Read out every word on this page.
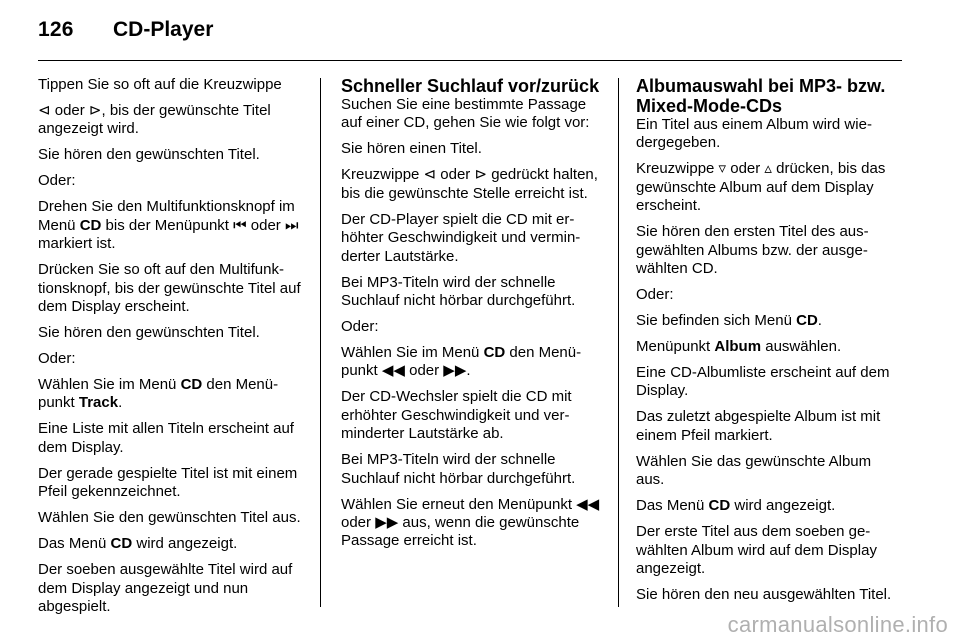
126 CD-Player

Tippen Sie so oft auf die Kreuzwippe

⊲ oder ⊳, bis der gewünschte Titel angezeigt wird.

Sie hören den gewünschten Titel.

Oder:

Drehen Sie den Multifunktionsknopf im Menü CD bis der Menüpunkt ⏮ oder ⏭ markiert ist.

Drücken Sie so oft auf den Multifunktionsknopf, bis der gewünschte Titel auf dem Display erscheint.

Sie hören den gewünschten Titel.

Oder:

Wählen Sie im Menü CD den Menüpunkt Track.

Eine Liste mit allen Titeln erscheint auf dem Display.

Der gerade gespielte Titel ist mit einem Pfeil gekennzeichnet.

Wählen Sie den gewünschten Titel aus.

Das Menü CD wird angezeigt.

Der soeben ausgewählte Titel wird auf dem Display angezeigt und nun abgespielt.

Schneller Suchlauf vor/zurück

Suchen Sie eine bestimmte Passage auf einer CD, gehen Sie wie folgt vor:

Sie hören einen Titel.

Kreuzwippe ⊲ oder ⊳ gedrückt halten, bis die gewünschte Stelle erreicht ist.

Der CD-Player spielt die CD mit erhöhter Geschwindigkeit und verminderter Lautstärke.

Bei MP3-Titeln wird der schnelle Suchlauf nicht hörbar durchgeführt.

Oder:

Wählen Sie im Menü CD den Menüpunkt ◀◀ oder ▶▶.

Der CD-Wechsler spielt die CD mit erhöhter Geschwindigkeit und verminderter Lautstärke ab.

Bei MP3-Titeln wird der schnelle Suchlauf nicht hörbar durchgeführt.

Wählen Sie erneut den Menüpunkt ◀◀ oder ▶▶ aus, wenn die gewünschte Passage erreicht ist.

Albumauswahl bei MP3- bzw. Mixed-Mode-CDs

Ein Titel aus einem Album wird wiedergegeben.

Kreuzwippe ▿ oder ▵ drücken, bis das gewünschte Album auf dem Display erscheint.

Sie hören den ersten Titel des ausgewählten Albums bzw. der ausgewählten CD.

Oder:

Sie befinden sich Menü CD.

Menüpunkt Album auswählen.

Eine CD-Albumliste erscheint auf dem Display.

Das zuletzt abgespielte Album ist mit einem Pfeil markiert.

Wählen Sie das gewünschte Album aus.

Das Menü CD wird angezeigt.

Der erste Titel aus dem soeben gewählten Album wird auf dem Display angezeigt.

Sie hören den neu ausgewählten Titel.

carmanualsonline.info
